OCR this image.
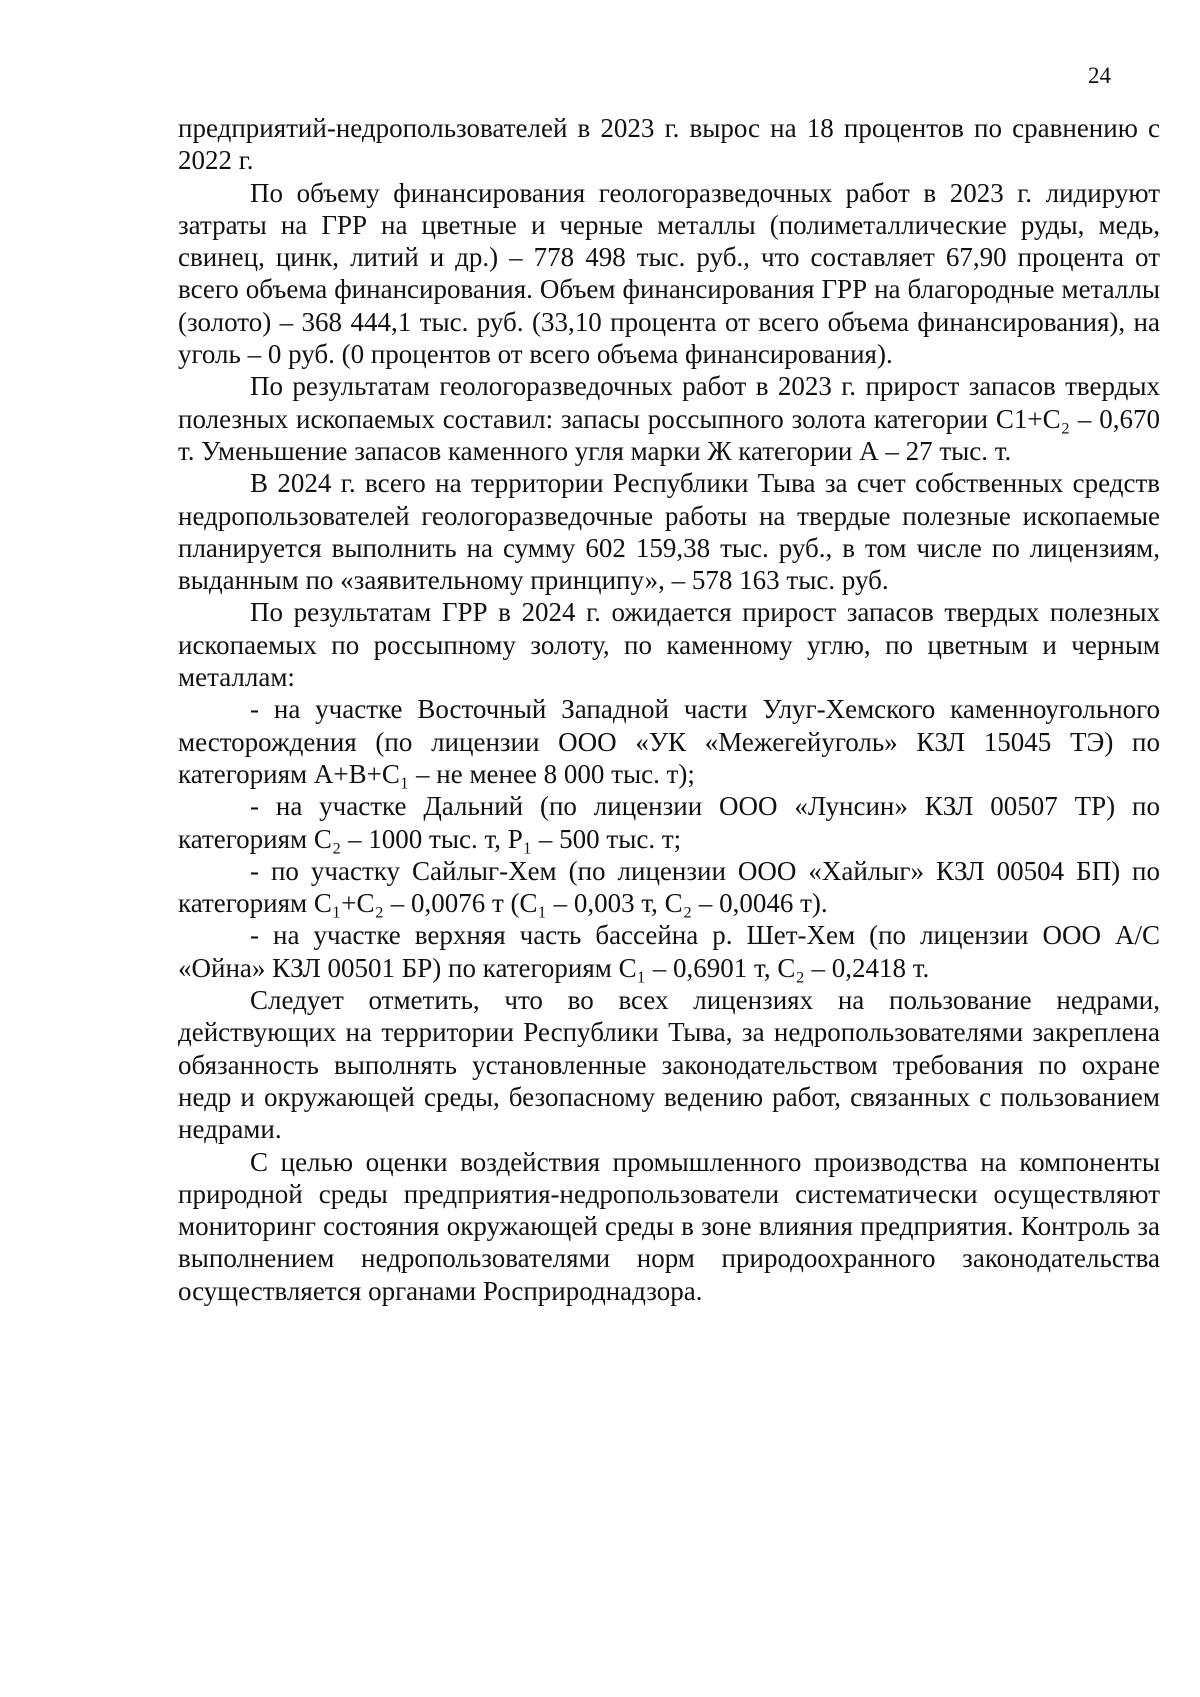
24

предприятий-недропользователей в 2023 г. вырос на 18 процентов по сравнению с 2022 г.

По объему финансирования геологоразведочных работ в 2023 г. лидируют затраты на ГРР на цветные и черные металлы (полиметаллические руды, медь, свинец, цинк, литий и др.) – 778 498 тыс. руб., что составляет 67,90 процента от всего объема финансирования. Объем финансирования ГРР на благородные металлы (золото) – 368 444,1 тыс. руб. (33,10 процента от всего объема финансирования), на уголь – 0 руб. (0 процентов от всего объема финансирования).

По результатам геологоразведочных работ в 2023 г. прирост запасов твердых полезных ископаемых составил: запасы россыпного золота категории С1+С₂ – 0,670 т. Уменьшение запасов каменного угля марки Ж категории А – 27 тыс. т.

В 2024 г. всего на территории Республики Тыва за счет собственных средств недропользователей геологоразведочные работы на твердые полезные ископаемые планируется выполнить на сумму 602 159,38 тыс. руб., в том числе по лицензиям, выданным по «заявительному принципу», – 578 163 тыс. руб.

По результатам ГРР в 2024 г. ожидается прирост запасов твердых полезных ископаемых по россыпному золоту, по каменному углю, по цветным и черным металлам:

- на участке Восточный Западной части Улуг-Хемского каменноугольного месторождения (по лицензии ООО «УК «Межегейуголь» КЗЛ 15045 ТЭ) по категориям А+В+С₁ – не менее 8 000 тыс. т);

- на участке Дальний (по лицензии ООО «Лунсин» КЗЛ 00507 ТР) по категориям С₂ – 1000 тыс. т, Р₁ – 500 тыс. т;

- по участку Сайлыг-Хем (по лицензии ООО «Хайлыг» КЗЛ 00504 БП) по категориям С₁+С₂ – 0,0076 т (С₁ – 0,003 т, С₂ – 0,0046 т).

- на участке верхняя часть бассейна р. Шет-Хем (по лицензии ООО А/С «Ойна» КЗЛ 00501 БР) по категориям С₁ – 0,6901 т, С₂ – 0,2418 т.

Следует отметить, что во всех лицензиях на пользование недрами, действующих на территории Республики Тыва, за недропользователями закреплена обязанность выполнять установленные законодательством требования по охране недр и окружающей среды, безопасному ведению работ, связанных с пользованием недрами.

С целью оценки воздействия промышленного производства на компоненты природной среды предприятия-недропользователи систематически осуществляют мониторинг состояния окружающей среды в зоне влияния предприятия. Контроль за выполнением недропользователями норм природоохранного законодательства осуществляется органами Росприроднадзора.
